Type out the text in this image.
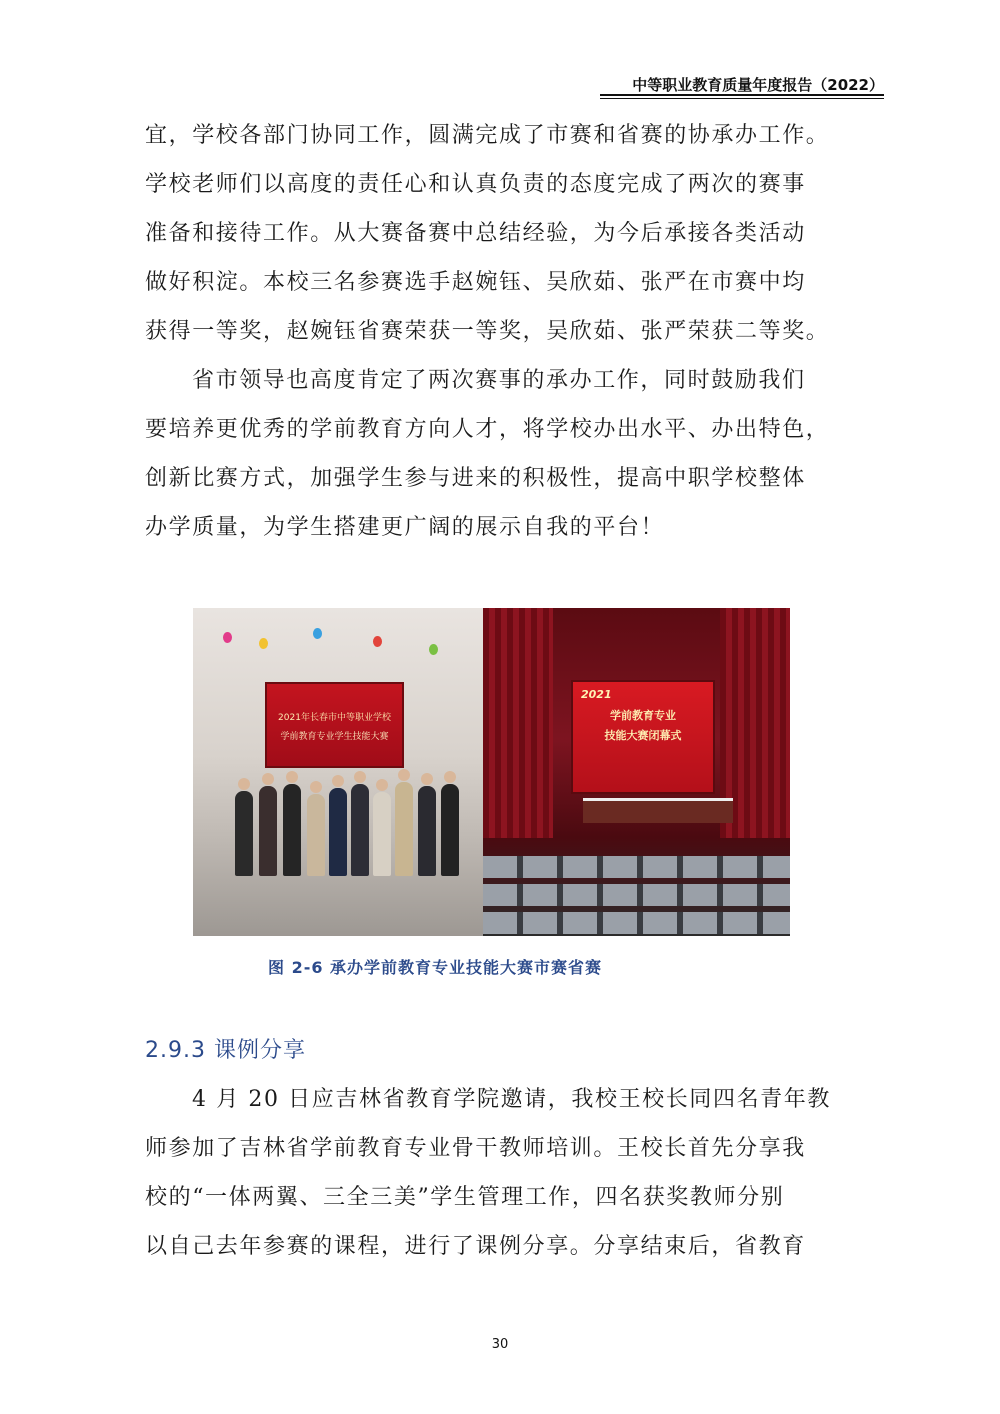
中等职业教育质量年度报告（2022）
宜，学校各部门协同工作，圆满完成了市赛和省赛的协承办工作。
学校老师们以高度的责任心和认真负责的态度完成了两次的赛事
准备和接待工作。从大赛备赛中总结经验，为今后承接各类活动
做好积淀。本校三名参赛选手赵婉钰、吴欣茹、张严在市赛中均
获得一等奖，赵婉钰省赛荣获一等奖，吴欣茹、张严荣获二等奖。
省市领导也高度肯定了两次赛事的承办工作，同时鼓励我们
要培养更优秀的学前教育方向人才，将学校办出水平、办出特色，
创新比赛方式，加强学生参与进来的积极性，提高中职学校整体
办学质量，为学生搭建更广阔的展示自我的平台！
2021年长春市中等职业学校
学前教育专业学生技能大赛
2021
学前教育专业
技能大赛闭幕式
图 2-6 承办学前教育专业技能大赛市赛省赛
2.9.3 课例分享
4 月 20 日应吉林省教育学院邀请，我校王校长同四名青年教
师参加了吉林省学前教育专业骨干教师培训。王校长首先分享我
校的“一体两翼、三全三美”学生管理工作，四名获奖教师分别
以自己去年参赛的课程，进行了课例分享。分享结束后，省教育
30
